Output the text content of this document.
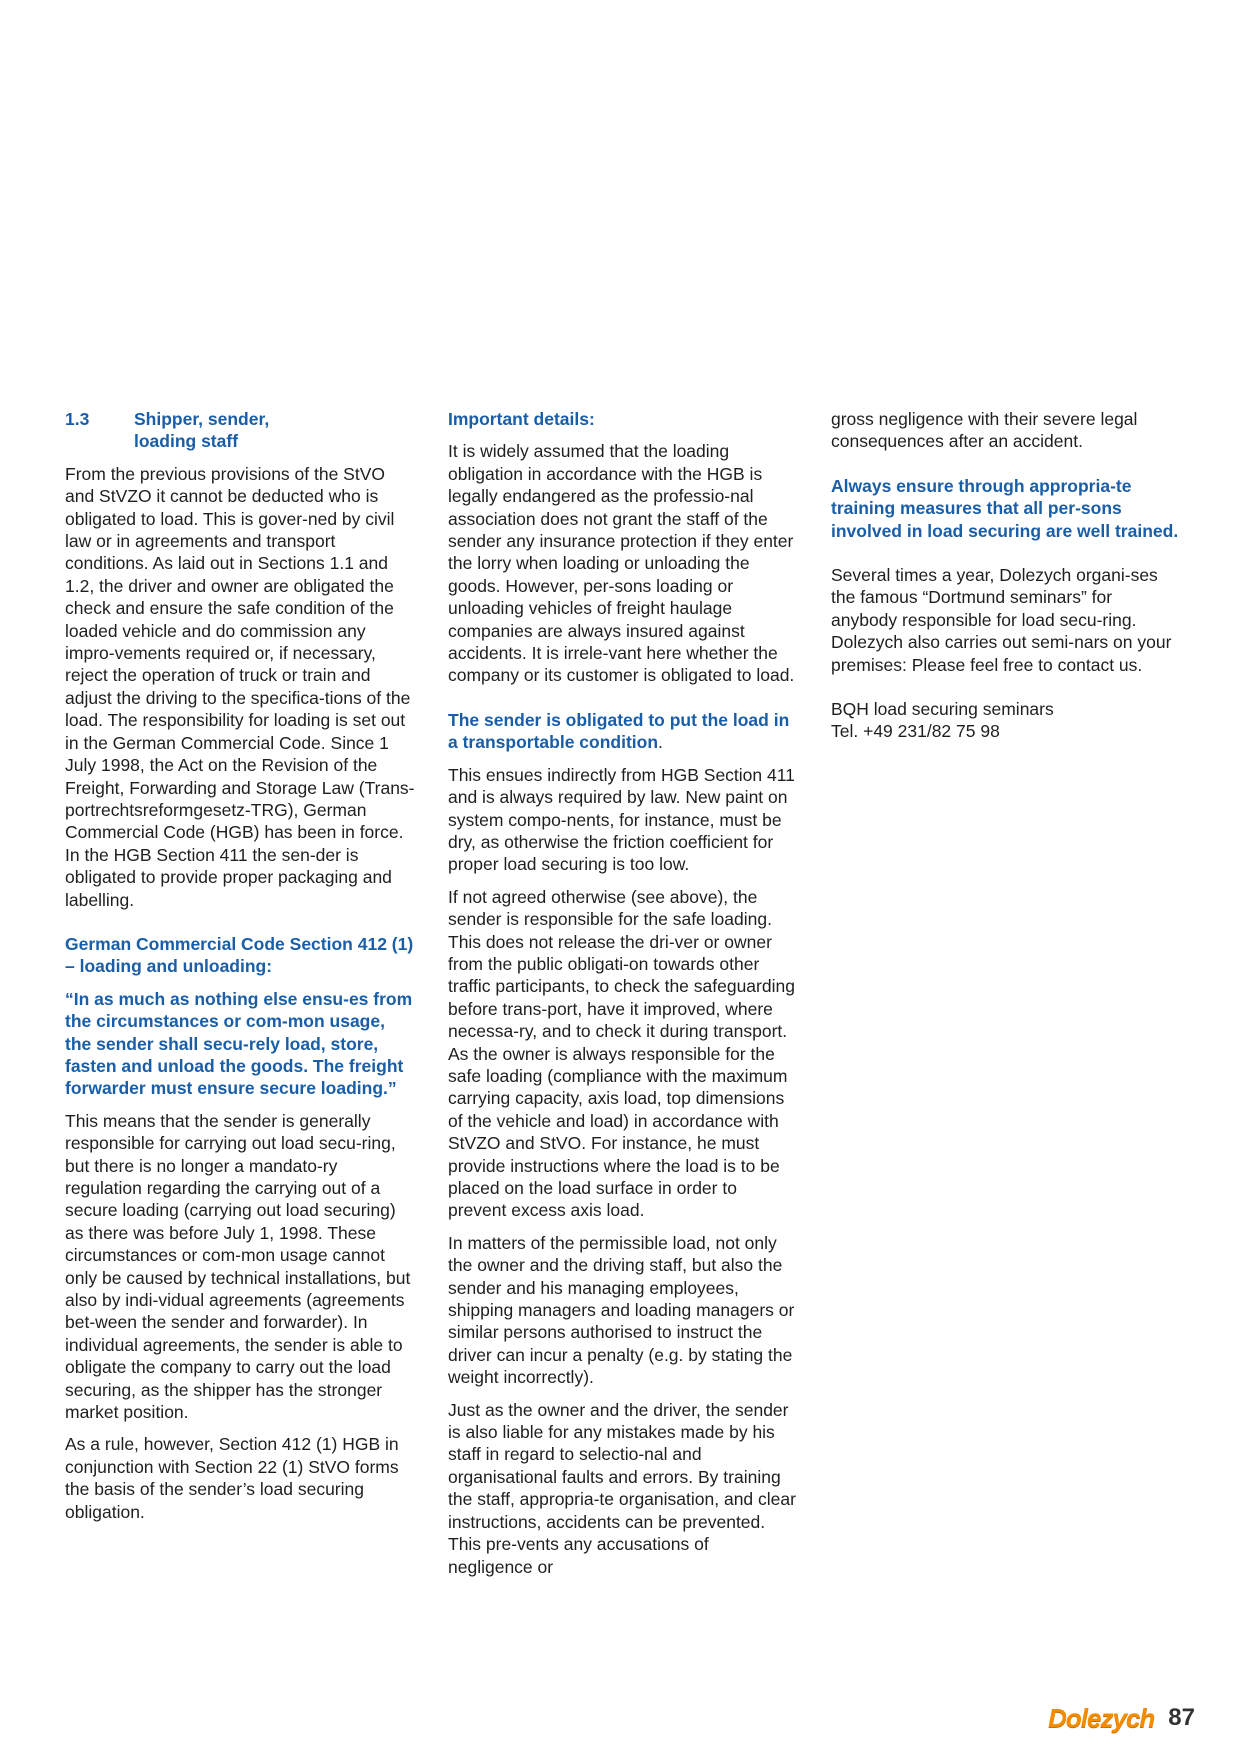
1.3	Shipper, sender,
loading staff

From the previous provisions of the StVO and StVZO it cannot be deducted who is obligated to load. This is gover-ned by civil law or in agreements and transport conditions. As laid out in Sections 1.1 and 1.2, the driver and owner are obligated the check and ensure the safe condition of the loaded vehicle and do commission any impro-vements required or, if necessary, reject the operation of truck or train and adjust the driving to the specifica-tions of the load. The responsibility for loading is set out in the German Commercial Code. Since 1 July 1998, the Act on the Revision of the Freight, Forwarding and Storage Law (Trans-portrechtsreformgesetz-TRG), German Commercial Code (HGB) has been in force. In the HGB Section 411 the sen-der is obligated to provide proper packaging and labelling.

German Commercial Code Section 412 (1) – loading and unloading:

“In as much as nothing else ensu-es from the circumstances or com-mon usage, the sender shall secu-rely load, store, fasten and unload the goods. The freight forwarder must ensure secure loading.”

This means that the sender is generally responsible for carrying out load secu-ring, but there is no longer a mandato-ry regulation regarding the carrying out of a secure loading (carrying out load securing) as there was before July 1, 1998. These circumstances or com-mon usage cannot only be caused by technical installations, but also by indi-vidual agreements (agreements bet-ween the sender and forwarder). In individual agreements, the sender is able to obligate the company to carry out the load securing, as the shipper has the stronger market position.

As a rule, however, Section 412 (1) HGB in conjunction with Section 22 (1) StVO forms the basis of the sender’s load securing obligation.

Important details:

It is widely assumed that the loading obligation in accordance with the HGB is legally endangered as the professio-nal association does not grant the staff of the sender any insurance protection if they enter the lorry when loading or unloading the goods. However, per-sons loading or unloading vehicles of freight haulage companies are always insured against accidents. It is irrele-vant here whether the company or its customer is obligated to load.

The sender is obligated to put the load in a transportable condition.

This ensues indirectly from HGB Section 411 and is always required by law. New paint on system compo-nents, for instance, must be dry, as otherwise the friction coefficient for proper load securing is too low.

If not agreed otherwise (see above), the sender is responsible for the safe loading. This does not release the dri-ver or owner from the public obligati-on towards other traffic participants, to check the safeguarding before trans-port, have it improved, where necessa-ry, and to check it during transport. As the owner is always responsible for the safe loading (compliance with the maximum carrying capacity, axis load, top dimensions of the vehicle and load) in accordance with StVZO and StVO. For instance, he must provide instructions where the load is to be placed on the load surface in order to prevent excess axis load.

In matters of the permissible load, not only the owner and the driving staff, but also the sender and his managing employees, shipping managers and loading managers or similar persons authorised to instruct the driver can incur a penalty (e.g. by stating the weight incorrectly).

Just as the owner and the driver, the sender is also liable for any mistakes made by his staff in regard to selectio-nal and organisational faults and errors. By training the staff, appropria-te organisation, and clear instructions, accidents can be prevented. This pre-vents any accusations of negligence or

gross negligence with their severe legal consequences after an accident.

Always ensure through appropria-te training measures that all per-sons involved in load securing are well trained.

Several times a year, Dolezych organi-ses the famous “Dortmund seminars” for anybody responsible for load secu-ring. Dolezych also carries out semi-nars on your premises: Please feel free to contact us.

BQH load securing seminars
Tel. +49 231/82 75 98

Dolezych 87
